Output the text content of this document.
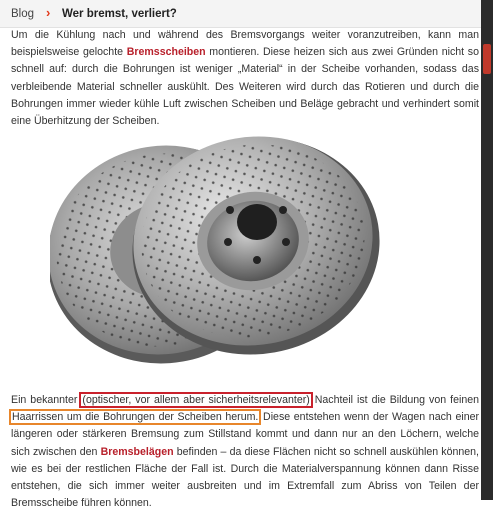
Blog › Wer bremst, verliert?

Um die Kühlung nach und während des Bremsvorgangs weiter voranzutreiben, kann man beispielsweise gelochte Bremsscheiben montieren. Diese heizen sich aus zwei Gründen nicht so schnell auf: durch die Bohrungen ist weniger „Material“ in der Scheibe vorhanden, sodass das verbleibende Material schneller auskühlt. Des Weiteren wird durch das Rotieren und durch die Bohrungen immer wieder kühle Luft zwischen Scheiben und Beläge gebracht und verhindert somit eine Überhitzung der Scheiben.

Ein bekannter (optischer, vor allem aber sicherheitsrelevanter) Nachteil ist die Bildung von feinen Haarrissen um die Bohrungen der Scheiben herum. Diese entstehen wenn der Wagen nach einer längeren oder stärkeren Bremsung zum Stillstand kommt und dann nur an den Löchern, welche sich zwischen den Bremsbelägen befinden – da diese Flächen nicht so schnell auskühlen können, wie es bei der restlichen Fläche der Fall ist. Durch die Materialverspannung können dann Risse entstehen, die sich immer weiter ausbreiten und im Extremfall zum Abriss von Teilen der Bremsscheibe führen können.
